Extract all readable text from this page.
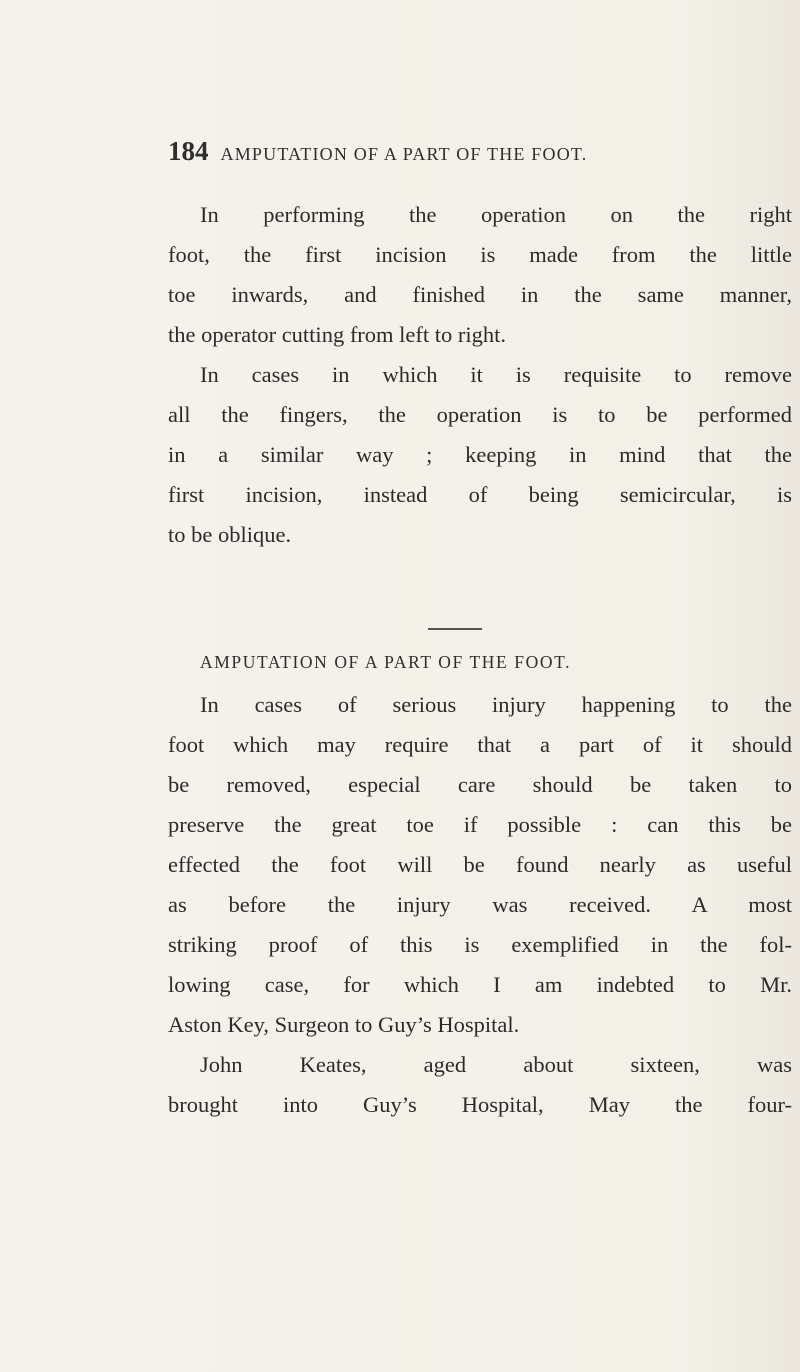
184 AMPUTATION OF A PART OF THE FOOT.
In performing the operation on the right
foot, the first incision is made from the little
toe inwards, and finished in the same manner,
the operator cutting from left to right.
In cases in which it is requisite to remove
all the fingers, the operation is to be performed
in a similar way ; keeping in mind that the
first incision, instead of being semicircular, is
to be oblique.
AMPUTATION OF A PART OF THE FOOT.
In cases of serious injury happening to the
foot which may require that a part of it should
be removed, especial care should be taken to
preserve the great toe if possible : can this be
effected the foot will be found nearly as useful
as before the injury was received. A most
striking proof of this is exemplified in the fol-
lowing case, for which I am indebted to Mr.
Aston Key, Surgeon to Guy’s Hospital.
John Keates, aged about sixteen, was
brought into Guy’s Hospital, May the four-
